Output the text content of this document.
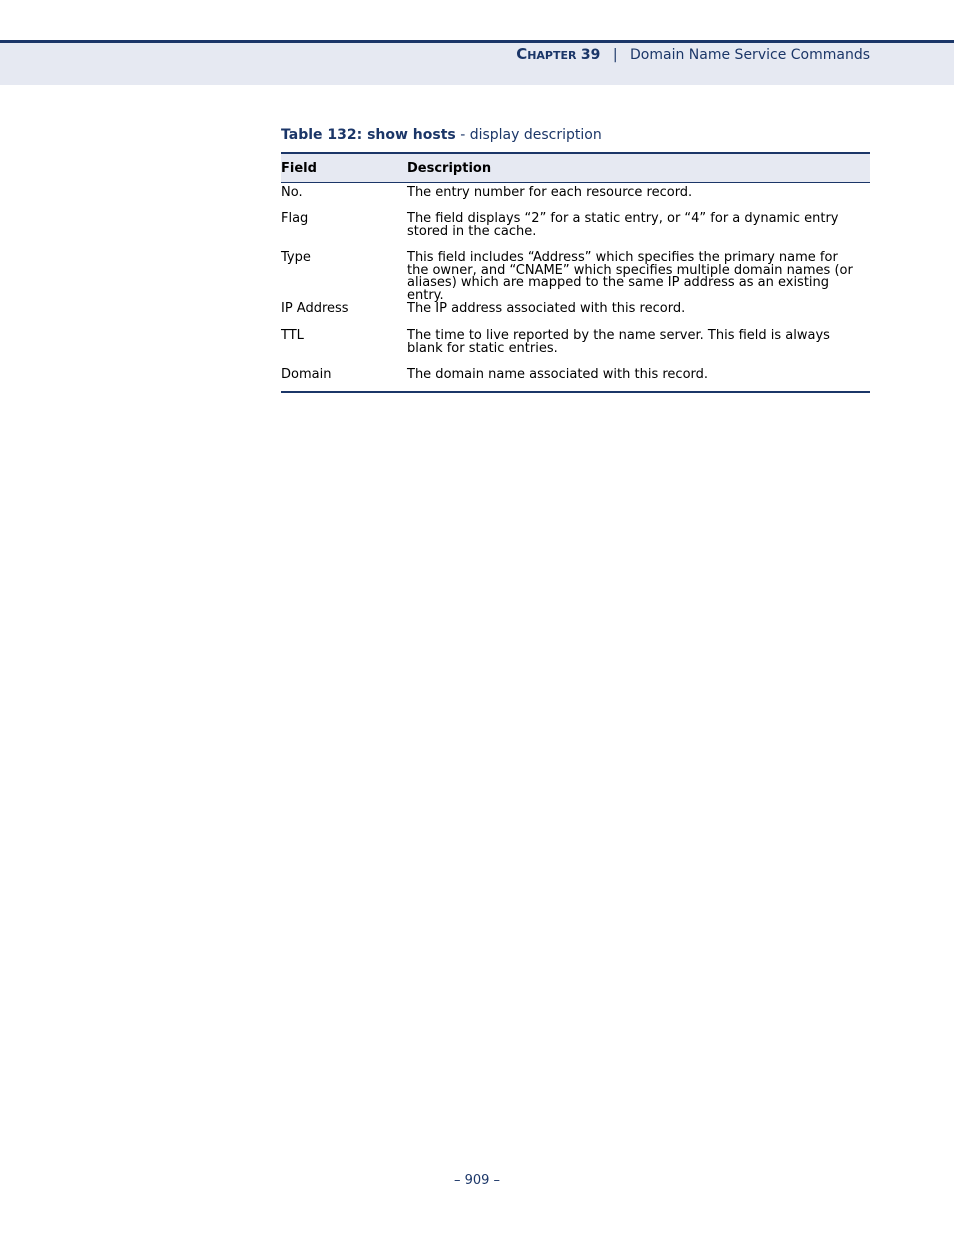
Chapter 39 | Domain Name Service Commands
Table 132: show hosts - display description
Field	Description
No.	The entry number for each resource record.
Flag	The field displays “2” for a static entry, or “4” for a dynamic entry stored in the cache.
Type	This field includes “Address” which specifies the primary name for the owner, and “CNAME” which specifies multiple domain names (or aliases) which are mapped to the same IP address as an existing entry.
IP Address	The IP address associated with this record.
TTL	The time to live reported by the name server. This field is always blank for static entries.
Domain	The domain name associated with this record.
– 909 –
